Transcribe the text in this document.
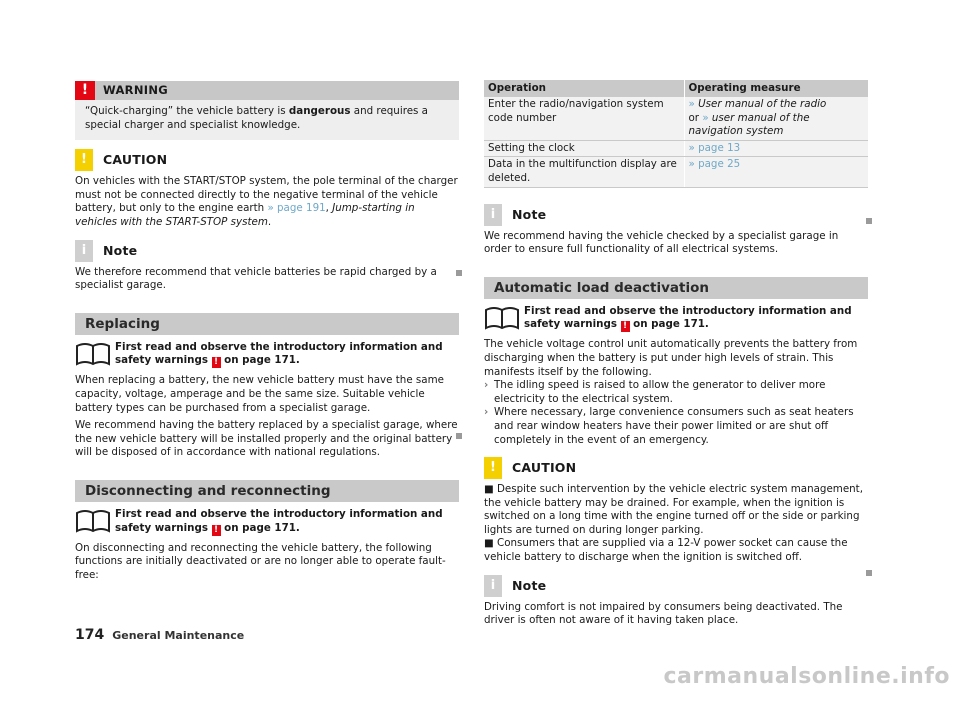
!	WARNING
“Quick-charging” the vehicle battery is dangerous and requires a special charger and specialist knowledge.
!	CAUTION

On vehicles with the START/STOP system, the pole terminal of the charger must not be connected directly to the negative terminal of the vehicle battery, but only to the engine earth » page 191, Jump-starting in vehicles with the START-STOP system.

i	Note

We therefore recommend that vehicle batteries be rapid charged by a specialist garage.

Replacing
First read and observe the introductory information and safety warnings ! on page 171.

When replacing a battery, the new vehicle battery must have the same capacity, voltage, amperage and be the same size. Suitable vehicle battery types can be purchased from a specialist garage.

We recommend having the battery replaced by a specialist garage, where the new vehicle battery will be installed properly and the original battery will be disposed of in accordance with national regulations.

Disconnecting and reconnecting
First read and observe the introductory information and safety warnings ! on page 171.

On disconnecting and reconnecting the vehicle battery, the following functions are initially deactivated or are no longer able to operate fault-free:

Operation	Operating measure
Enter the radio/navigation system code number	» User manual of the radio
or » user manual of the navigation system
Setting the clock	» page 13
Data in the multifunction display are deleted.	» page 25
i	Note

We recommend having the vehicle checked by a specialist garage in order to ensure full functionality of all electrical systems.

Automatic load deactivation
First read and observe the introductory information and safety warnings ! on page 171.

The vehicle voltage control unit automatically prevents the battery from discharging when the battery is put under high levels of strain. This manifests itself by the following.

› The idling speed is raised to allow the generator to deliver more electricity to the electrical system.
› Where necessary, large convenience consumers such as seat heaters and rear window heaters have their power limited or are shut off completely in the event of an emergency.
!	CAUTION

■ Despite such intervention by the vehicle electric system management, the vehicle battery may be drained. For example, when the ignition is switched on a long time with the engine turned off or the side or parking lights are turned on during longer parking.

■ Consumers that are supplied via a 12-V power socket can cause the vehicle battery to discharge when the ignition is switched off.

i	Note

Driving comfort is not impaired by consumers being deactivated. The driver is often not aware of it having taken place.

174 General Maintenance
carmanualsonline.info
